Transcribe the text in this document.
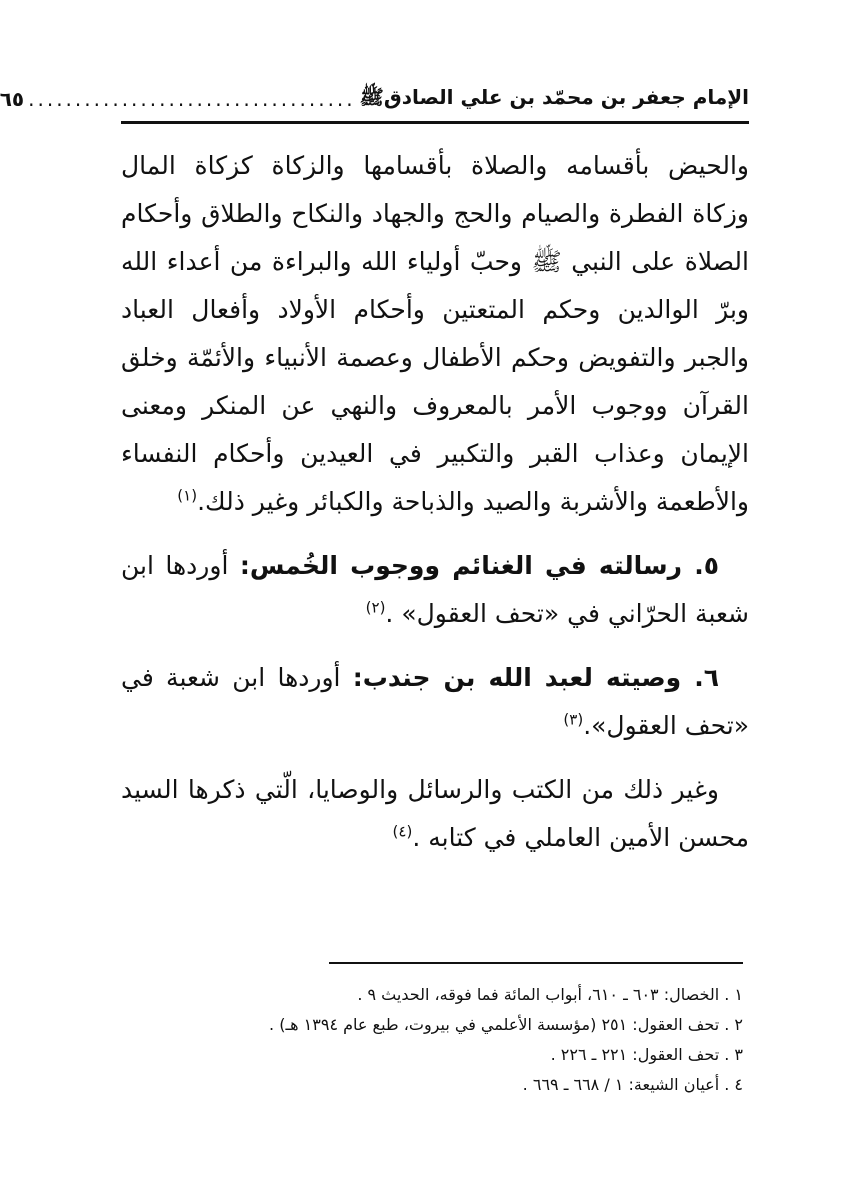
الإمام جعفر بن محمّد بن علي الصادقﷺ
...................................
٦٥

والحيض بأقسامه والصلاة بأقسامها والزكاة كزكاة المال وزكاة الفطرة والصيام والحج والجهاد والنكاح والطلاق وأحكام الصلاة على النبي ﷺ وحبّ أولياء الله والبراءة من أعداء الله وبرّ الوالدين وحكم المتعتين وأحكام الأولاد وأفعال العباد والجبر والتفويض وحكم الأطفال وعصمة الأنبياء والأئمّة وخلق القرآن ووجوب الأمر بالمعروف والنهي عن المنكر ومعنى الإيمان وعذاب القبر والتكبير في العيدين وأحكام النفساء والأطعمة والأشربة والصيد والذباحة والكبائر وغير ذلك.$^{(١)}$

٥. رسالته في الغنائم ووجوب الخُمس: أوردها ابن شعبة الحرّاني في «تحف العقول» .$^{(٢)}$

٦. وصيته لعبد الله بن جندب: أوردها ابن شعبة في «تحف العقول».$^{(٣)}$

وغير ذلك من الكتب والرسائل والوصايا، الّتي ذكرها السيد محسن الأمين العاملي في كتابه .$^{(٤)}$

١ . الخصال: ٦٠٣ ـ ٦١٠، أبواب المائة فما فوقه، الحديث ٩ .
٢ . تحف العقول: ٢٥١ (مؤسسة الأعلمي في بيروت، طبع عام ١٣٩٤ هـ) .
٣ . تحف العقول: ٢٢١ ـ ٢٢٦ .
٤ . أعيان الشيعة: ١ / ٦٦٨ ـ ٦٦٩ .
